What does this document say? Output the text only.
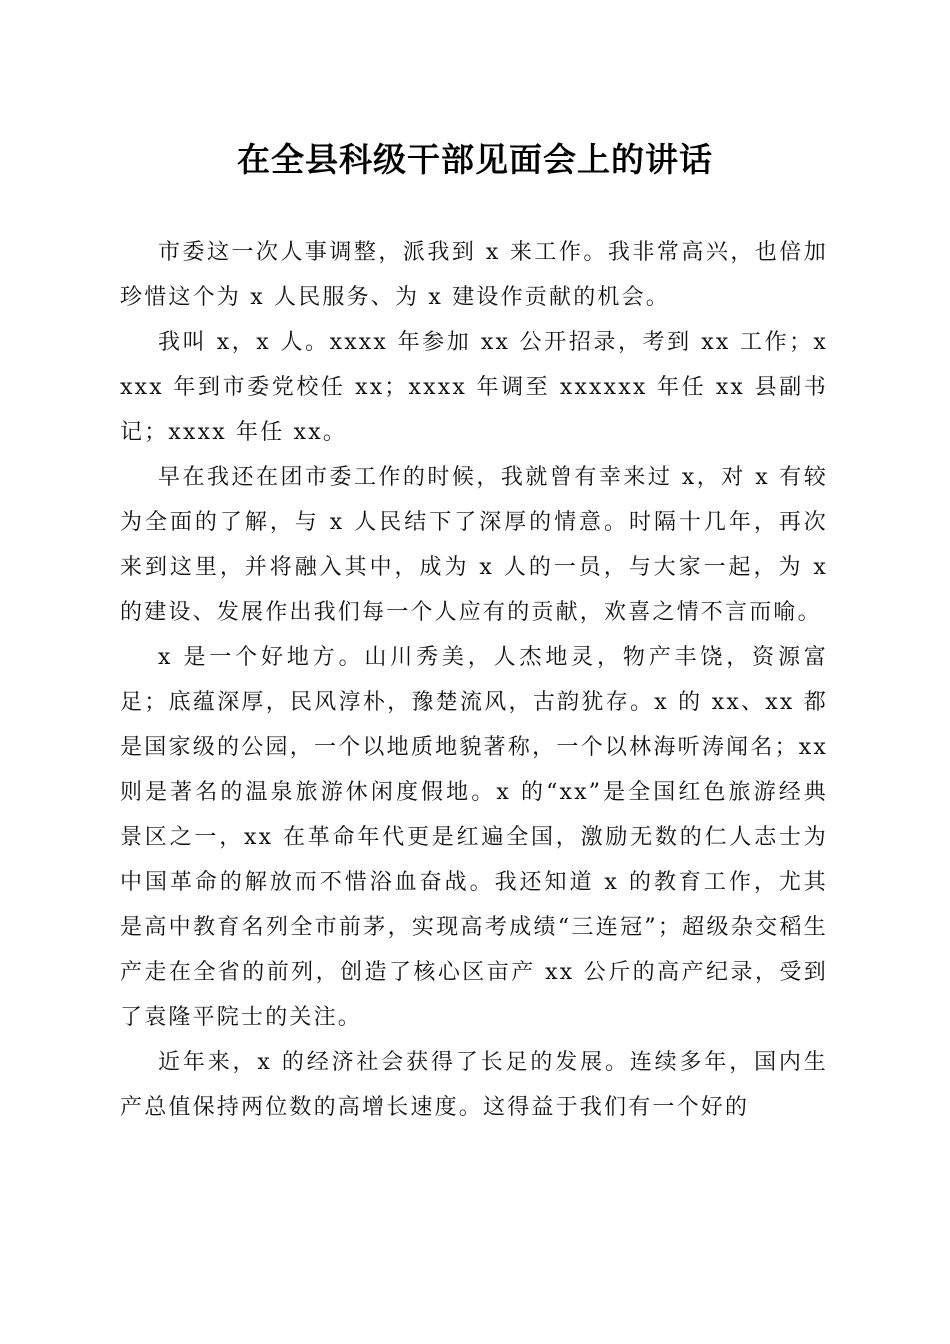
在全县科级干部见面会上的讲话

市委这一次人事调整，派我到 x 来工作。我非常高兴，也倍加珍惜这个为 x 人民服务、为 x 建设作贡献的机会。

我叫 x，x 人。xxxx 年参加 xx 公开招录，考到 xx 工作；xxxx 年到市委党校任 xx；xxxx 年调至 xxxxxx 年任 xx 县副书记；xxxx 年任 xx。

早在我还在团市委工作的时候，我就曾有幸来过 x，对 x 有较为全面的了解，与 x 人民结下了深厚的情意。时隔十几年，再次来到这里，并将融入其中，成为 x 人的一员，与大家一起，为 x 的建设、发展作出我们每一个人应有的贡献，欢喜之情不言而喻。

x 是一个好地方。山川秀美，人杰地灵，物产丰饶，资源富足；底蕴深厚，民风淳朴，豫楚流风，古韵犹存。x 的 xx、xx 都是国家级的公园，一个以地质地貌著称，一个以林海听涛闻名；xx 则是著名的温泉旅游休闲度假地。x 的“xx”是全国红色旅游经典景区之一，xx 在革命年代更是红遍全国，激励无数的仁人志士为中国革命的解放而不惜浴血奋战。我还知道 x 的教育工作，尤其是高中教育名列全市前茅，实现高考成绩“三连冠”；超级杂交稻生产走在全省的前列，创造了核心区亩产 xx 公斤的高产纪录，受到了袁隆平院士的关注。

近年来，x 的经济社会获得了长足的发展。连续多年，国内生产总值保持两位数的高增长速度。这得益于我们有一个好的
